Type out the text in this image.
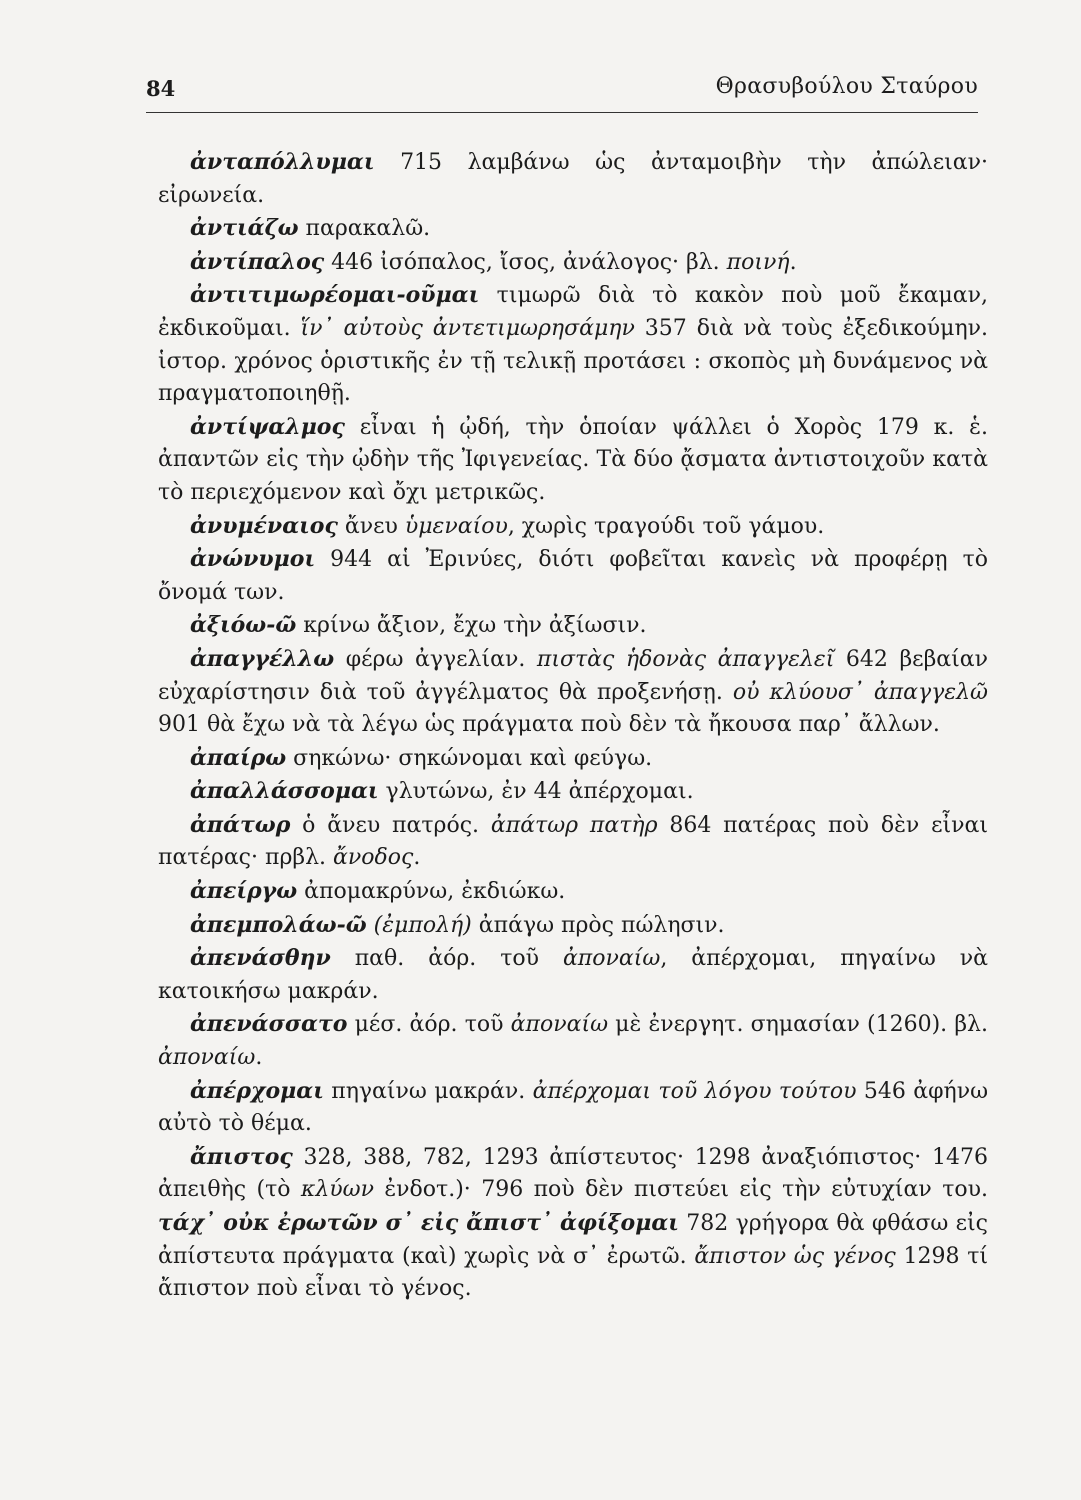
84	Θρασυβούλου Σταύρου

ἀνταπόλλυμαι 715 λαμβάνω ὡς ἀνταμοιβὴν τὴν ἀπώλειαν· εἰρωνεία.

ἀντιάζω παρακαλῶ.

ἀντίπαλος 446 ἰσόπαλος, ἴσος, ἀνάλογος· βλ. ποινή.

ἀντιτιμωρέομαι-οῦμαι τιμωρῶ διὰ τὸ κακὸν ποὺ μοῦ ἔκαμαν, ἐκδικοῦμαι. ἵν᾽ αὐτοὺς ἀντετιμωρησάμην 357 διὰ νὰ τοὺς ἐξεδικούμην. ἱστορ. χρόνος ὁριστικῆς ἐν τῇ τελικῇ προτάσει : σκοπὸς μὴ δυνάμενος νὰ πραγματοποιηθῇ.

ἀντίψαλμος εἶναι ἡ ᾠδή, τὴν ὁποίαν ψάλλει ὁ Χορὸς 179 κ. ἑ. ἀπαντῶν εἰς τὴν ᾠδὴν τῆς Ἰφιγενείας. Τὰ δύο ᾄσματα ἀντιστοιχοῦν κατὰ τὸ περιεχόμενον καὶ ὄχι μετρικῶς.

ἀνυμέναιος ἄνευ ὑμεναίου, χωρὶς τραγούδι τοῦ γάμου.

ἀνώνυμοι 944 αἱ Ἐρινύες, διότι φοβεῖται κανεὶς νὰ προφέρῃ τὸ ὄνομά των.

ἀξιόω-ῶ κρίνω ἄξιον, ἔχω τὴν ἀξίωσιν.

ἀπαγγέλλω φέρω ἀγγελίαν. πιστὰς ἡδονὰς ἀπαγγελεῖ 642 βεβαίαν εὐχαρίστησιν διὰ τοῦ ἀγγέλματος θὰ προξενήσῃ. οὐ κλύουσ᾽ ἀπαγγελῶ 901 θὰ ἔχω νὰ τὰ λέγω ὡς πράγματα ποὺ δὲν τὰ ἤκουσα παρ᾽ ἄλλων.

ἀπαίρω σηκώνω· σηκώνομαι καὶ φεύγω.

ἀπαλλάσσομαι γλυτώνω, ἐν 44 ἀπέρχομαι.

ἀπάτωρ ὁ ἄνευ πατρός. ἀπάτωρ πατὴρ 864 πατέρας ποὺ δὲν εἶναι πατέρας· πρβλ. ἄνοδος.

ἀπείργω ἀπομακρύνω, ἐκδιώκω.

ἀπεμπολάω-ῶ (ἐμπολή) ἀπάγω πρὸς πώλησιν.

ἀπενάσθην παθ. ἀόρ. τοῦ ἀποναίω, ἀπέρχομαι, πηγαίνω νὰ κατοικήσω μακράν.

ἀπενάσσατο μέσ. ἀόρ. τοῦ ἀποναίω μὲ ἐνεργητ. σημασίαν (1260). βλ. ἀποναίω.

ἀπέρχομαι πηγαίνω μακράν. ἀπέρχομαι τοῦ λόγου τούτου 546 ἀφήνω αὐτὸ τὸ θέμα.

ἄπιστος 328, 388, 782, 1293 ἀπίστευτος· 1298 ἀναξιόπιστος· 1476 ἀπειθὴς (τὸ κλύων ἐνδοτ.)· 796 ποὺ δὲν πιστεύει εἰς τὴν εὐτυχίαν του. τάχ᾽ οὐκ ἐρωτῶν σ᾽ εἰς ἄπιστ᾽ ἀφίξομαι 782 γρήγορα θὰ φθάσω εἰς ἀπίστευτα πράγματα (καὶ) χωρὶς νὰ σ᾽ ἐρωτῶ. ἄπιστον ὡς γένος 1298 τί ἄπιστον ποὺ εἶναι τὸ γένος.
